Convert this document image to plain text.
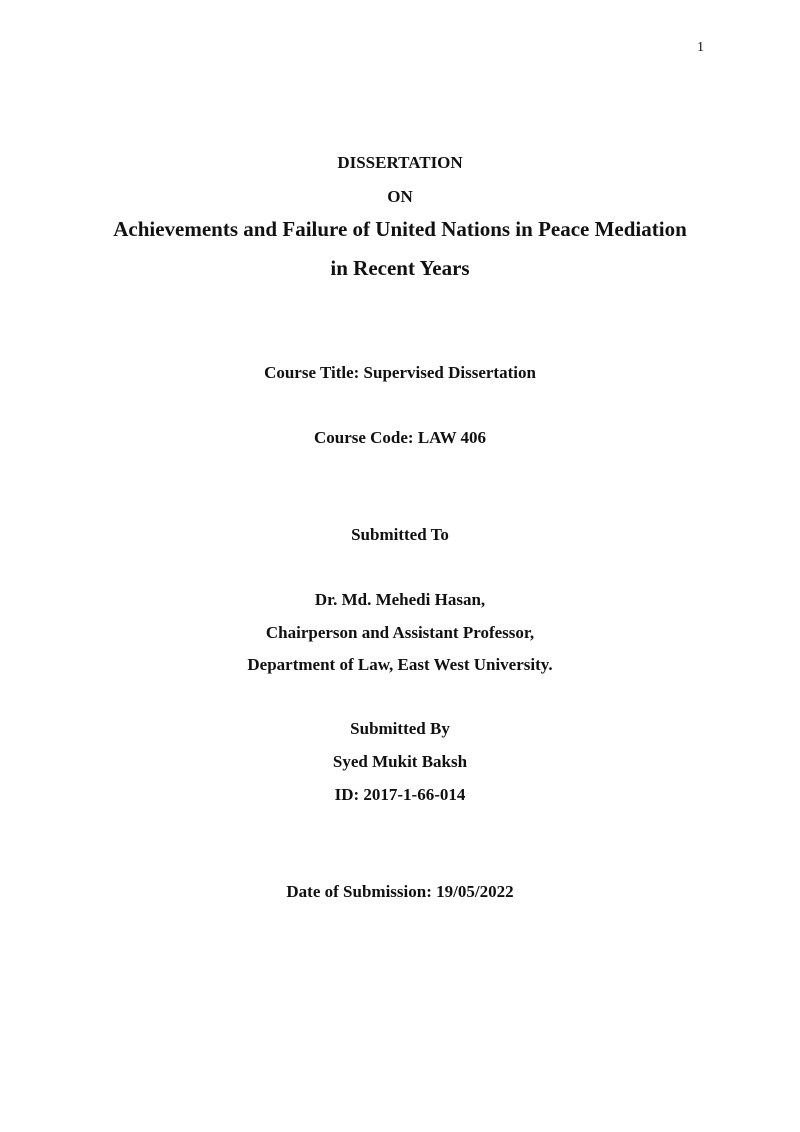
1
DISSERTATION
ON
Achievements and Failure of United Nations in Peace Mediation
in Recent Years
Course Title: Supervised Dissertation
Course Code: LAW 406
Submitted To
Dr. Md. Mehedi Hasan,
Chairperson and Assistant Professor,
Department of Law, East West University.
Submitted By
Syed Mukit Baksh
ID: 2017-1-66-014
Date of Submission: 19/05/2022
